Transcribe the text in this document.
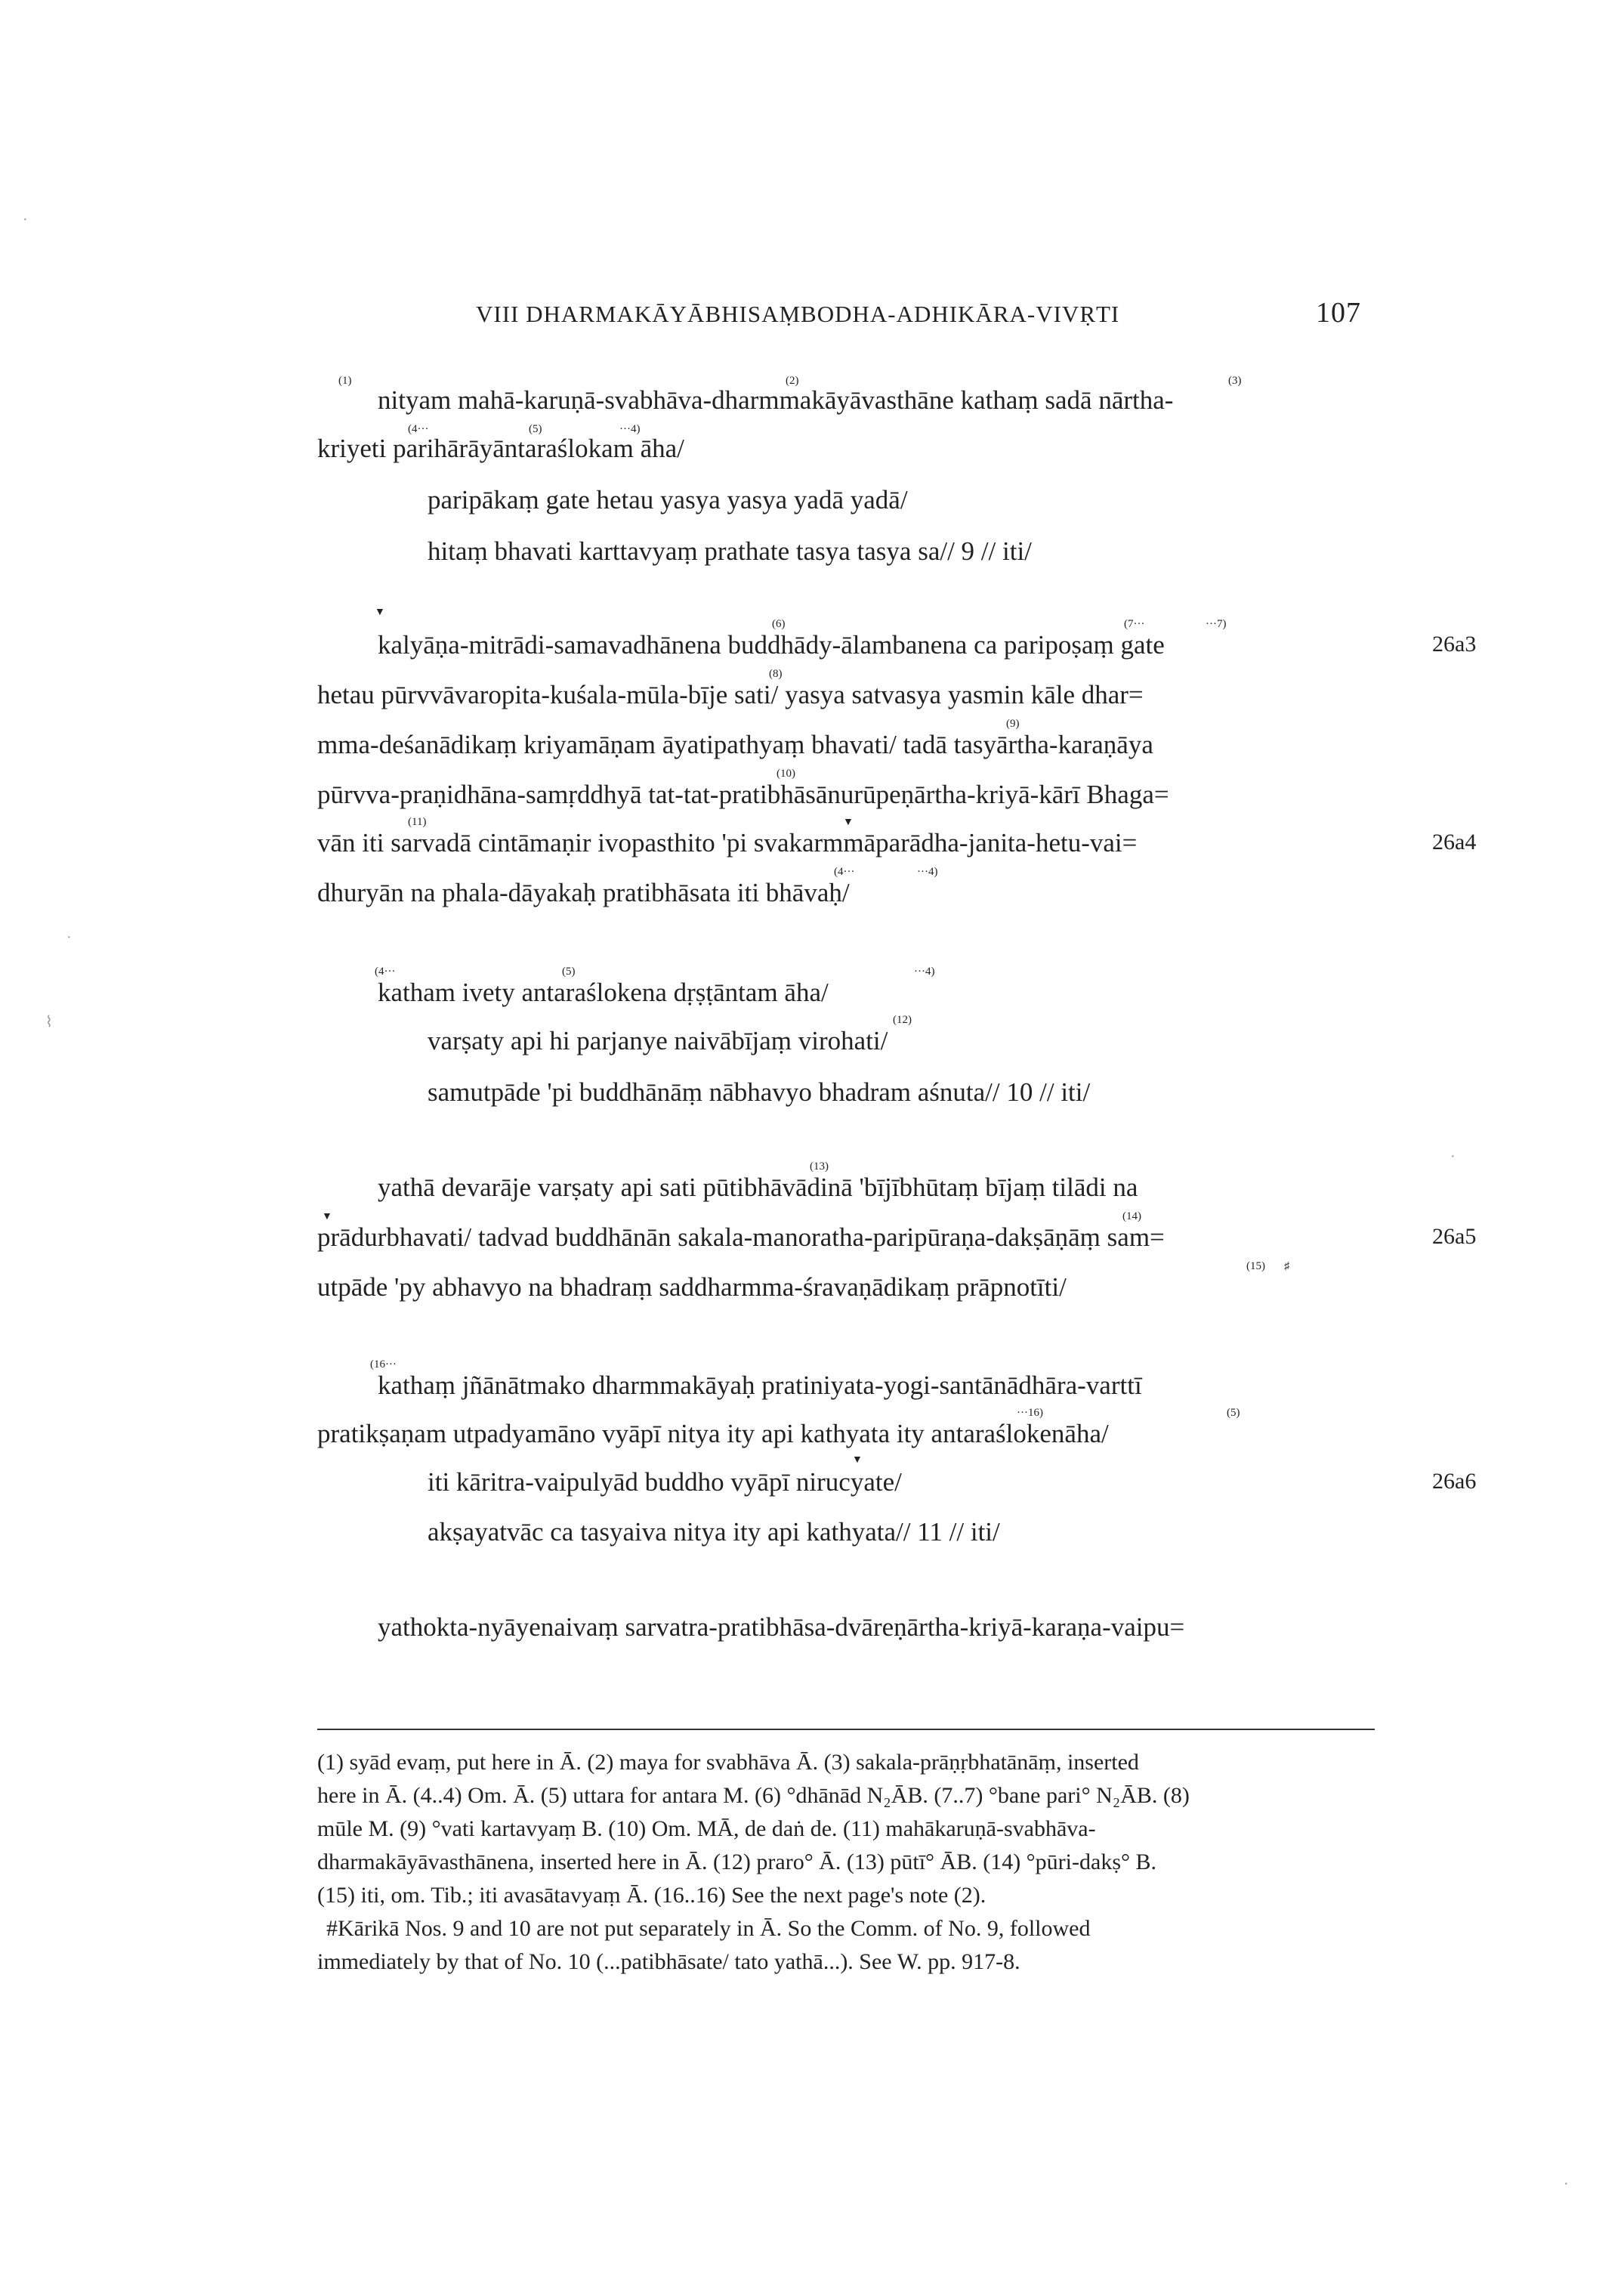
VIII DHARMAKĀYĀBHISAṂBODHA-ADHIKĀRA-VIVṚTI	107
(1)	(2)	(3)
(4···	(5)	···4)
(6)	(7···	···7)
(8)
(9)
(10)
(11)
(4···	···4)
(4···	(5)	···4)
(12)
(13)
(14)
(15)
(16···
···16)	(5)
▼
▼
▼
♯
▼
nityam mahā-karuṇā-svabhāva-dharmmakāyāvasthāne kathaṃ sadā nārtha-
kriyeti parihārāyāntaraślokam āha/
paripākaṃ gate hetau yasya yasya yadā yadā/
hitaṃ bhavati karttavyaṃ prathate tasya tasya sa// 9 // iti/
kalyāṇa-mitrādi-samavadhānena buddhādy-ālambanena ca paripoṣaṃ gate
hetau pūrvvāvaropita-kuśala-mūla-bīje sati/ yasya satvasya yasmin kāle dhar=
mma-deśanādikaṃ kriyamāṇam āyatipathyaṃ bhavati/ tadā tasyārtha-karaṇāya
pūrvva-praṇidhāna-samṛddhyā tat-tat-pratibhāsānurūpeṇārtha-kriyā-kārī Bhaga=
vān iti sarvadā cintāmaṇir ivopasthito 'pi svakarmmāparādha-janita-hetu-vai=
dhuryān na phala-dāyakaḥ pratibhāsata iti bhāvaḥ/
katham ivety antaraślokena dṛṣṭāntam āha/
varṣaty api hi parjanye naivābījaṃ virohati/
samutpāde 'pi buddhānāṃ nābhavyo bhadram aśnuta// 10 // iti/
yathā devarāje varṣaty api sati pūtibhāvādinā 'bījībhūtaṃ bījaṃ tilādi na
prādurbhavati/ tadvad buddhānān sakala-manoratha-paripūraṇa-dakṣāṇāṃ sam=
utpāde 'py abhavyo na bhadraṃ saddharmma-śravaṇādikaṃ prāpnotīti/
kathaṃ jñānātmako dharmmakāyaḥ pratiniyata-yogi-santānādhāra-varttī
pratikṣaṇam utpadyamāno vyāpī nitya ity api kathyata ity antaraślokenāha/
iti kāritra-vaipulyād buddho vyāpī nirucyate/
akṣayatvāc ca tasyaiva nitya ity api kathyata// 11 // iti/
yathokta-nyāyenaivaṃ sarvatra-pratibhāsa-dvāreṇārtha-kriyā-karaṇa-vaipu=
26a3
26a4
26a5
26a6
(1) syād evaṃ, put here in Ā. (2) maya for svabhāva Ā. (3) sakala-prāṇṛbhatānāṃ, inserted
here in Ā. (4..4) Om. Ā. (5) uttara for antara M. (6) °dhānād N₂ĀB. (7..7) °bane pari° N₂ĀB. (8)
mūle M. (9) °vati kartavyaṃ B. (10) Om. MĀ, de daṅ de. (11) mahākaruṇā-svabhāva-
dharmakāyāvasthānena, inserted here in Ā. (12) praro° Ā. (13) pūtī° ĀB. (14) °pūri-dakṣ° B.
(15) iti, om. Tib.; iti avasātavyaṃ Ā. (16..16) See the next page's note (2).
#Kārikā Nos. 9 and 10 are not put separately in Ā. So the Comm. of No. 9, followed
immediately by that of No. 10 (...patibhāsate/ tato yathā...). See W. pp. 917-8.
·
·
⌇
·
·
